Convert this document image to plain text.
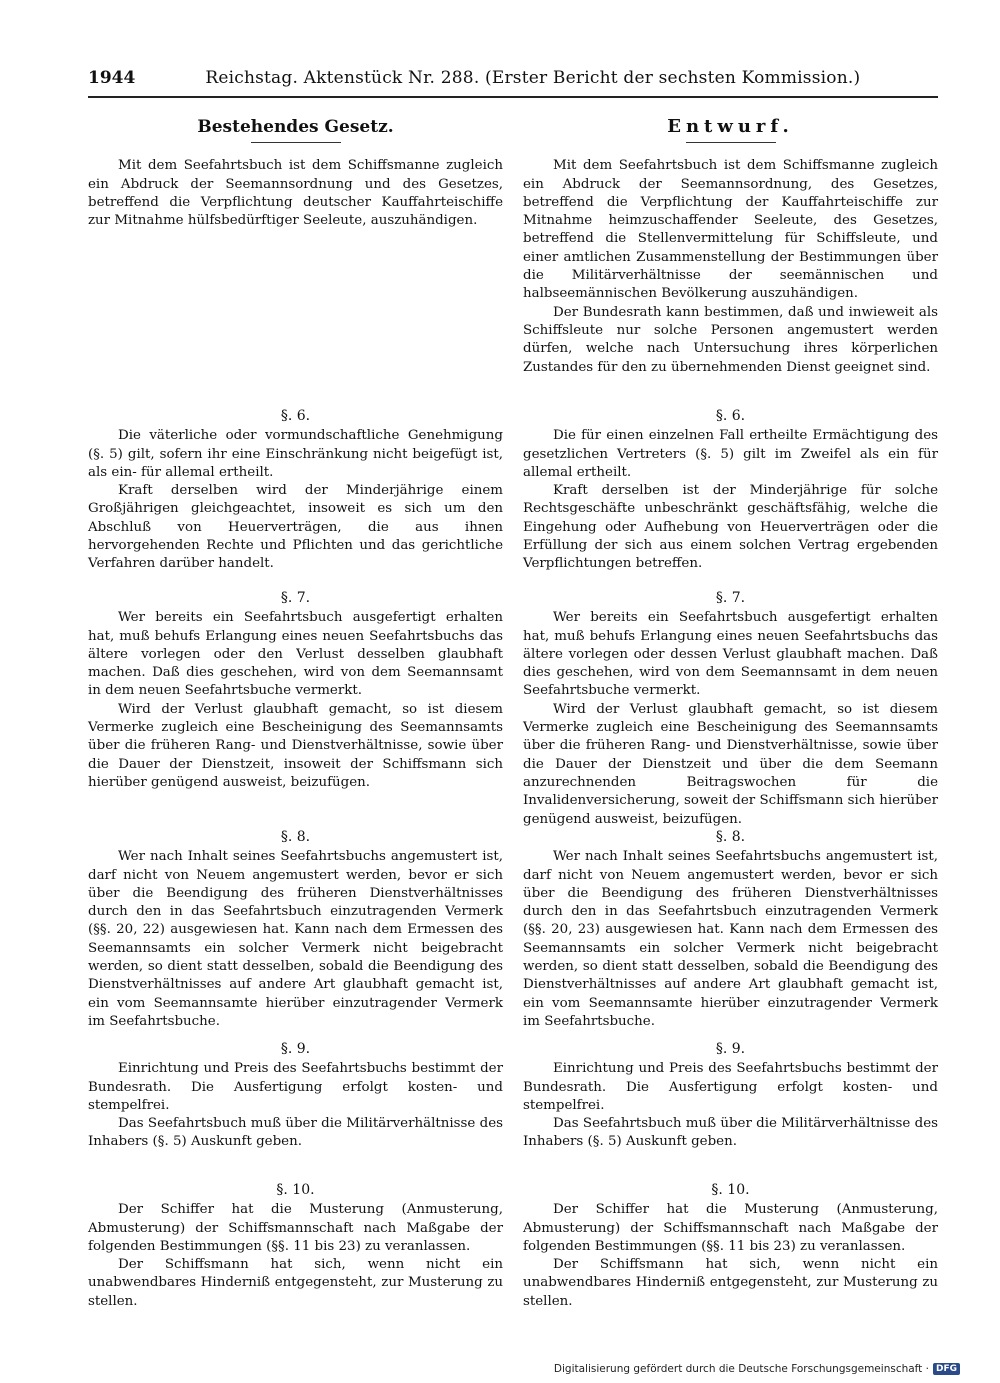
1944	Reichstag. Aktenstück Nr. 288. (Erster Bericht der sechsten Kommission.)
Bestehendes Gesetz.

Mit dem Seefahrtsbuch ist dem Schiffsmanne zugleich ein Abdruck der Seemannsordnung und des Gesetzes, betreffend die Verpflichtung deutscher Kauffahrteischiffe zur Mitnahme hülfsbedürftiger Seeleute, auszuhändigen.

§. 6.

Die väterliche oder vormundschaftliche Genehmigung (§. 5) gilt, sofern ihr eine Einschränkung nicht beigefügt ist, als ein- für allemal ertheilt.

Kraft derselben wird der Minderjährige einem Großjährigen gleichgeachtet, insoweit es sich um den Abschluß von Heuerverträgen, die aus ihnen hervorgehenden Rechte und Pflichten und das gerichtliche Verfahren darüber handelt.

§. 7.

Wer bereits ein Seefahrtsbuch ausgefertigt erhalten hat, muß behufs Erlangung eines neuen Seefahrtsbuchs das ältere vorlegen oder den Verlust desselben glaubhaft machen. Daß dies geschehen, wird von dem Seemannsamt in dem neuen Seefahrtsbuche vermerkt.

Wird der Verlust glaubhaft gemacht, so ist diesem Vermerke zugleich eine Bescheinigung des Seemannsamts über die früheren Rang- und Dienstverhältnisse, sowie über die Dauer der Dienstzeit, insoweit der Schiffsmann sich hierüber genügend ausweist, beizufügen.

§. 8.

Wer nach Inhalt seines Seefahrtsbuchs angemustert ist, darf nicht von Neuem angemustert werden, bevor er sich über die Beendigung des früheren Dienstverhältnisses durch den in das Seefahrtsbuch einzutragenden Vermerk (§§. 20, 22) ausgewiesen hat. Kann nach dem Ermessen des Seemannsamts ein solcher Vermerk nicht beigebracht werden, so dient statt desselben, sobald die Beendigung des Dienstverhältnisses auf andere Art glaubhaft gemacht ist, ein vom Seemannsamte hierüber einzutragender Vermerk im Seefahrtsbuche.

§. 9.

Einrichtung und Preis des Seefahrtsbuchs bestimmt der Bundesrath. Die Ausfertigung erfolgt kosten- und stempelfrei.

Das Seefahrtsbuch muß über die Militärverhältnisse des Inhabers (§. 5) Auskunft geben.

§. 10.

Der Schiffer hat die Musterung (Anmusterung, Abmusterung) der Schiffsmannschaft nach Maßgabe der folgenden Bestimmungen (§§. 11 bis 23) zu veranlassen.

Der Schiffsmann hat sich, wenn nicht ein unabwendbares Hinderniß entgegensteht, zur Musterung zu stellen.

Entwurf.

Mit dem Seefahrtsbuch ist dem Schiffsmanne zugleich ein Abdruck der Seemannsordnung, des Gesetzes, betreffend die Verpflichtung der Kauffahrteischiffe zur Mitnahme heimzuschaffender Seeleute, des Gesetzes, betreffend die Stellenvermittelung für Schiffsleute, und einer amtlichen Zusammenstellung der Bestimmungen über die Militärverhältnisse der seemännischen und halbseemännischen Bevölkerung auszuhändigen.

Der Bundesrath kann bestimmen, daß und inwieweit als Schiffsleute nur solche Personen angemustert werden dürfen, welche nach Untersuchung ihres körperlichen Zustandes für den zu übernehmenden Dienst geeignet sind.

§. 6.

Die für einen einzelnen Fall ertheilte Ermächtigung des gesetzlichen Vertreters (§. 5) gilt im Zweifel als ein für allemal ertheilt.

Kraft derselben ist der Minderjährige für solche Rechtsgeschäfte unbeschränkt geschäftsfähig, welche die Eingehung oder Aufhebung von Heuerverträgen oder die Erfüllung der sich aus einem solchen Vertrag ergebenden Verpflichtungen betreffen.

§. 7.

Wer bereits ein Seefahrtsbuch ausgefertigt erhalten hat, muß behufs Erlangung eines neuen Seefahrtsbuchs das ältere vorlegen oder dessen Verlust glaubhaft machen. Daß dies geschehen, wird von dem Seemannsamt in dem neuen Seefahrtsbuche vermerkt.

Wird der Verlust glaubhaft gemacht, so ist diesem Vermerke zugleich eine Bescheinigung des Seemannsamts über die früheren Rang- und Dienstverhältnisse, sowie über die Dauer der Dienstzeit und über die dem Seemann anzurechnenden Beitragswochen für die Invalidenversicherung, soweit der Schiffsmann sich hierüber genügend ausweist, beizufügen.

§. 8.

Wer nach Inhalt seines Seefahrtsbuchs angemustert ist, darf nicht von Neuem angemustert werden, bevor er sich über die Beendigung des früheren Dienstverhältnisses durch den in das Seefahrtsbuch einzutragenden Vermerk (§§. 20, 23) ausgewiesen hat. Kann nach dem Ermessen des Seemannsamts ein solcher Vermerk nicht beigebracht werden, so dient statt desselben, sobald die Beendigung des Dienstverhältnisses auf andere Art glaubhaft gemacht ist, ein vom Seemannsamte hierüber einzutragender Vermerk im Seefahrtsbuche.

§. 9.

Einrichtung und Preis des Seefahrtsbuchs bestimmt der Bundesrath. Die Ausfertigung erfolgt kosten- und stempelfrei.

Das Seefahrtsbuch muß über die Militärverhältnisse des Inhabers (§. 5) Auskunft geben.

§. 10.

Der Schiffer hat die Musterung (Anmusterung, Abmusterung) der Schiffsmannschaft nach Maßgabe der folgenden Bestimmungen (§§. 11 bis 23) zu veranlassen.

Der Schiffsmann hat sich, wenn nicht ein unabwendbares Hinderniß entgegensteht, zur Musterung zu stellen.

Digitalisierung gefördert durch die Deutsche Forschungsgemeinschaft · DFG
